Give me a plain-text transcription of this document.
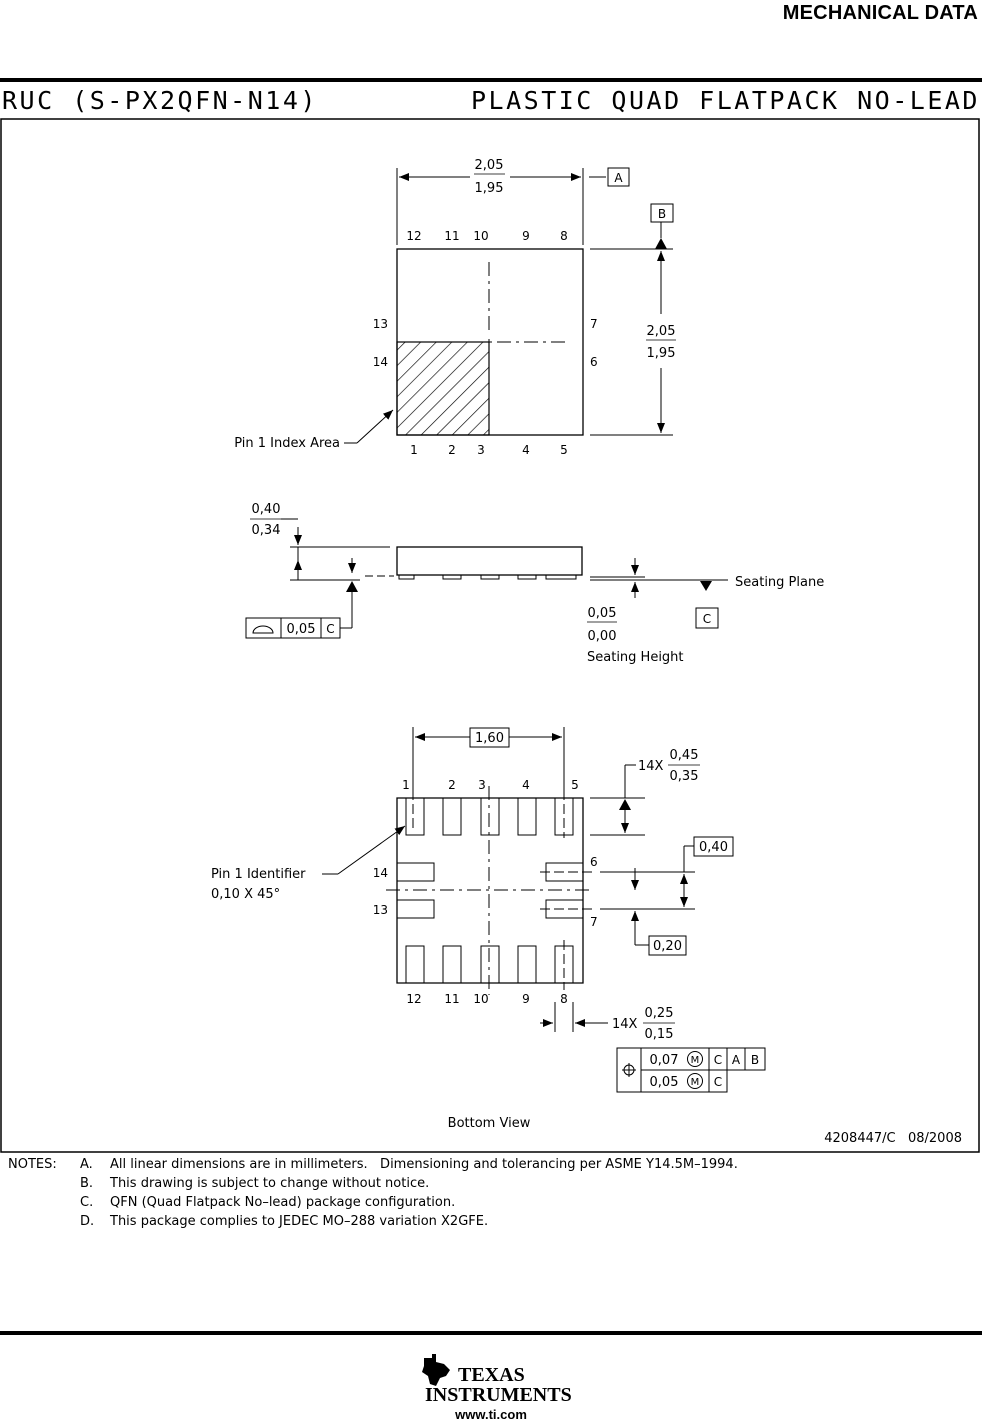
MECHANICAL DATA
RUC (S-PX2QFN-N14)	PLASTIC QUAD FLATPACK NO-LEAD
2,05
1,95
A
B
2,05
1,95
12 11 10	9	8
1	2 3	4	5
13
14
7
6
Pin 1 Index Area
0,40
0,34
0,05 C
Seating Plane
C
0,05
0,00
Seating Height
1,60
1	2 3	4	5
14
13
6
7
12 11 10	9	8
Pin 1 Identifier
0,10 X 45°
14X
0,45
0,35
0,40
0,20
14X
0,25
0,15
0,07 M C A B
0,05 M C
Bottom View
4208447/C   08/2008
NOTES: A. All linear dimensions are in millimeters.   Dimensioning and tolerancing per ASME Y14.5M–1994.
B. This drawing is subject to change without notice.
C. QFN (Quad Flatpack No–lead) package configuration.
D. This package complies to JEDEC MO–288 variation X2GFE.
TEXAS
INSTRUMENTS
www.ti.com
